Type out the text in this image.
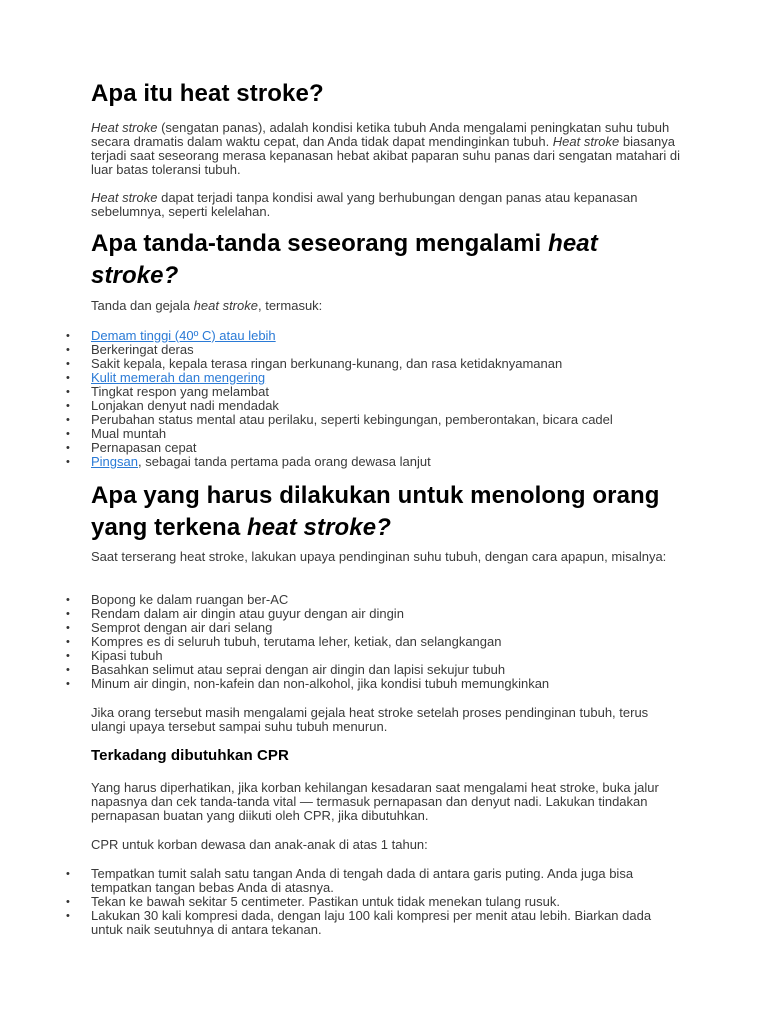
Apa itu heat stroke?

Heat stroke (sengatan panas), adalah kondisi ketika tubuh Anda mengalami peningkatan suhu tubuh secara dramatis dalam waktu cepat, dan Anda tidak dapat mendinginkan tubuh. Heat stroke biasanya terjadi saat seseorang merasa kepanasan hebat akibat paparan suhu panas dari sengatan matahari di luar batas toleransi tubuh.

Heat stroke dapat terjadi tanpa kondisi awal yang berhubungan dengan panas atau kepanasan sebelumnya, seperti kelelahan.

Apa tanda-tanda seseorang mengalami heat stroke?

Tanda dan gejala heat stroke, termasuk:

• Demam tinggi (40º C) atau lebih
• Berkeringat deras
• Sakit kepala, kepala terasa ringan berkunang-kunang, dan rasa ketidaknyamanan
• Kulit memerah dan mengering
• Tingkat respon yang melambat
• Lonjakan denyut nadi mendadak
• Perubahan status mental atau perilaku, seperti kebingungan, pemberontakan, bicara cadel
• Mual muntah
• Pernapasan cepat
• Pingsan, sebagai tanda pertama pada orang dewasa lanjut
Apa yang harus dilakukan untuk menolong orang yang terkena heat stroke?

Saat terserang heat stroke, lakukan upaya pendinginan suhu tubuh, dengan cara apapun, misalnya:

• Bopong ke dalam ruangan ber-AC
• Rendam dalam air dingin atau guyur dengan air dingin
• Semprot dengan air dari selang
• Kompres es di seluruh tubuh, terutama leher, ketiak, dan selangkangan
• Kipasi tubuh
• Basahkan selimut atau seprai dengan air dingin dan lapisi sekujur tubuh
• Minum air dingin, non-kafein dan non-alkohol, jika kondisi tubuh memungkinkan

Jika orang tersebut masih mengalami gejala heat stroke setelah proses pendinginan tubuh, terus ulangi upaya tersebut sampai suhu tubuh menurun.

Terkadang dibutuhkan CPR

Yang harus diperhatikan, jika korban kehilangan kesadaran saat mengalami heat stroke, buka jalur napasnya dan cek tanda-tanda vital — termasuk pernapasan dan denyut nadi. Lakukan tindakan pernapasan buatan yang diikuti oleh CPR, jika dibutuhkan.

CPR untuk korban dewasa dan anak-anak di atas 1 tahun:

• Tempatkan tumit salah satu tangan Anda di tengah dada di antara garis puting. Anda juga bisa tempatkan tangan bebas Anda di atasnya.
• Tekan ke bawah sekitar 5 centimeter. Pastikan untuk tidak menekan tulang rusuk.
• Lakukan 30 kali kompresi dada, dengan laju 100 kali kompresi per menit atau lebih. Biarkan dada untuk naik seutuhnya di antara tekanan.
